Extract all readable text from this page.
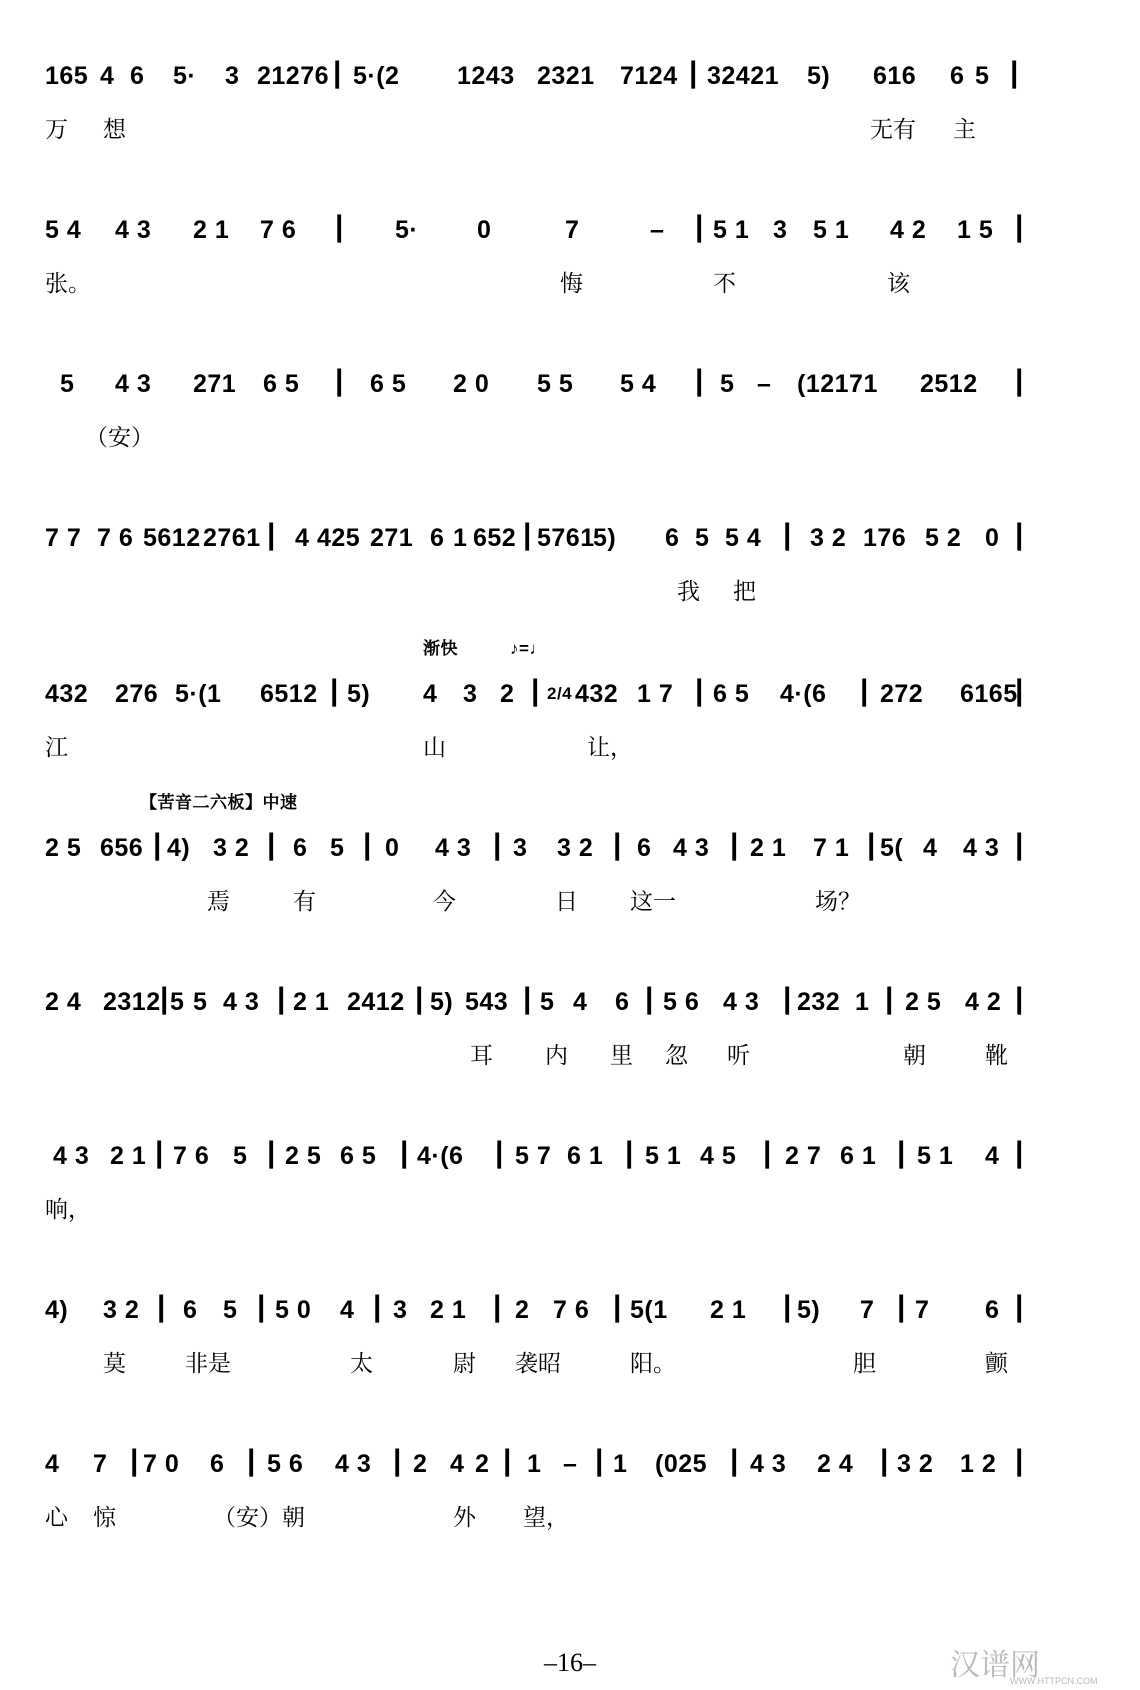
165 4 6 5· 3 21276 | 5·(2 1243 2321 7124 | 32421 5) 616 6 5 |
万 想	无有 主
5 4 4 3 2 1 7 6 | 5· 0	7	– | 5 1 3 5 1 4 2 1 5 |
张。	悔	不	该
5 4 3 271 6 5 | 6 5 2 0 5 5 5 4 | 5 – (12171 2512 |
（安）
7 7 7 6 5612 2761 | 4 425 271 6 1 652 | 5761
5) 6 5 5 4 | 3 2 176 5 2 0 |
我 把
渐快	♪=♩
432 276 5·(1 6512 | 5) 4 3 2 | 2/4 432 1 7 | 6 5 4·(6 | 272 6165
|
江	山	让，
【苦音二六板】中速
2 5 656 | 4) 3 2 | 6 5 | 0 4 3 | 3 3 2 | 6 4 3 | 2 1 7 1 | 5( 4 4 3 |
焉	有	今	日 这一	场？
2 4 2312 | 5 5 4 3 | 2 1 2412 | 5) 543 | 5 4 6 | 5 6 4 3 | 232 1 | 2 5 4 2 |
耳 内 里 忽 听	朝	靴
4 3 2 1 | 7 6 5 | 2 5 6 5 | 4·(6 | 5 7 6 1 | 5 1 4 5 | 2 7 6 1 | 5 1 4 |
响，
4) 3 2 | 6 5 | 5 0 4 | 3 2 1 | 2 7 6 | 5(1 2 1 | 5) 7 | 7 6 |
莫	非是	太	尉 袭昭	阳。	胆	颤
4 7 | 7 0 6 | 5 6 4 3 | 2 4 2 | 1 – | 1 (025 | 4 3 2 4 | 3 2 1 2 |
心 惊	（安）朝	外 望，
–16–	汉谱网
WWW.HTTPCN.COM
